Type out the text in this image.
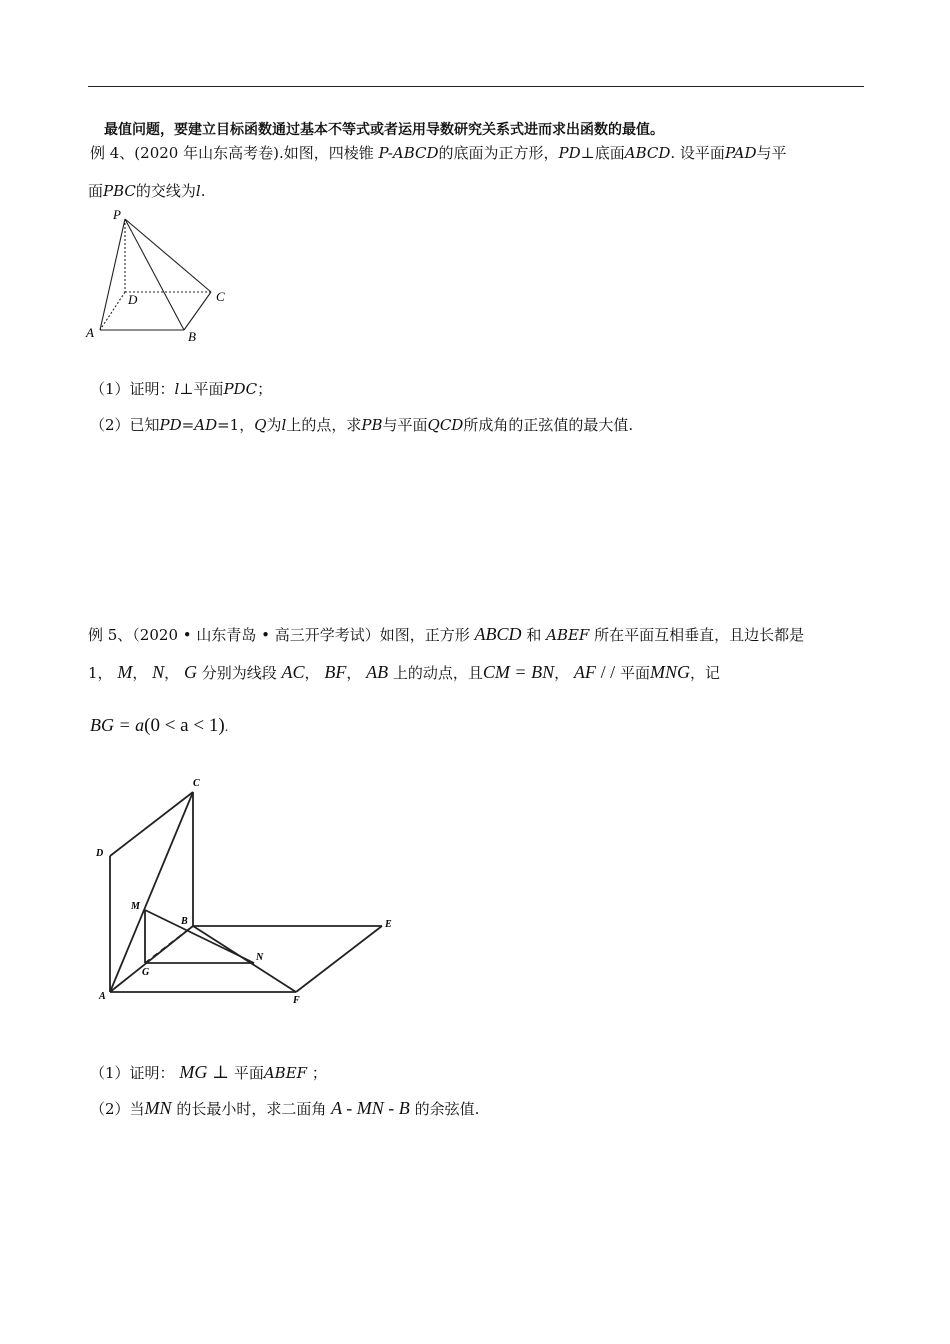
最值问题，要建立目标函数通过基本不等式或者运用导数研究关系式进而求出函数的最值。
例 4、(2020 年山东高考卷).如图，四棱锥 P-ABCD的底面为正方形，PD⊥底面ABCD. 设平面PAD与平
面PBC的交线为l.
P
D	C
A	B
（1）证明：l⊥平面PDC；
（2）已知PD=AD=1，Q为l上的点，求PB与平面QCD所成角的正弦值的最大值.
例 5、（2020 • 山东青岛 • 高三开学考试）如图，正方形 ABCD 和 ABEF 所在平面互相垂直，且边长都是
1， M， N， G 分别为线段 AC， BF， AB 上的动点，且CM = BN， AF / / 平面MNG，记
BG = a(0 < a < 1).
C
D
M
B	E
N
G
A	F
（1）证明： MG ⊥ 平面ABEF ；
（2）当MN 的长最小时，求二面角 A - MN - B 的余弦值.
